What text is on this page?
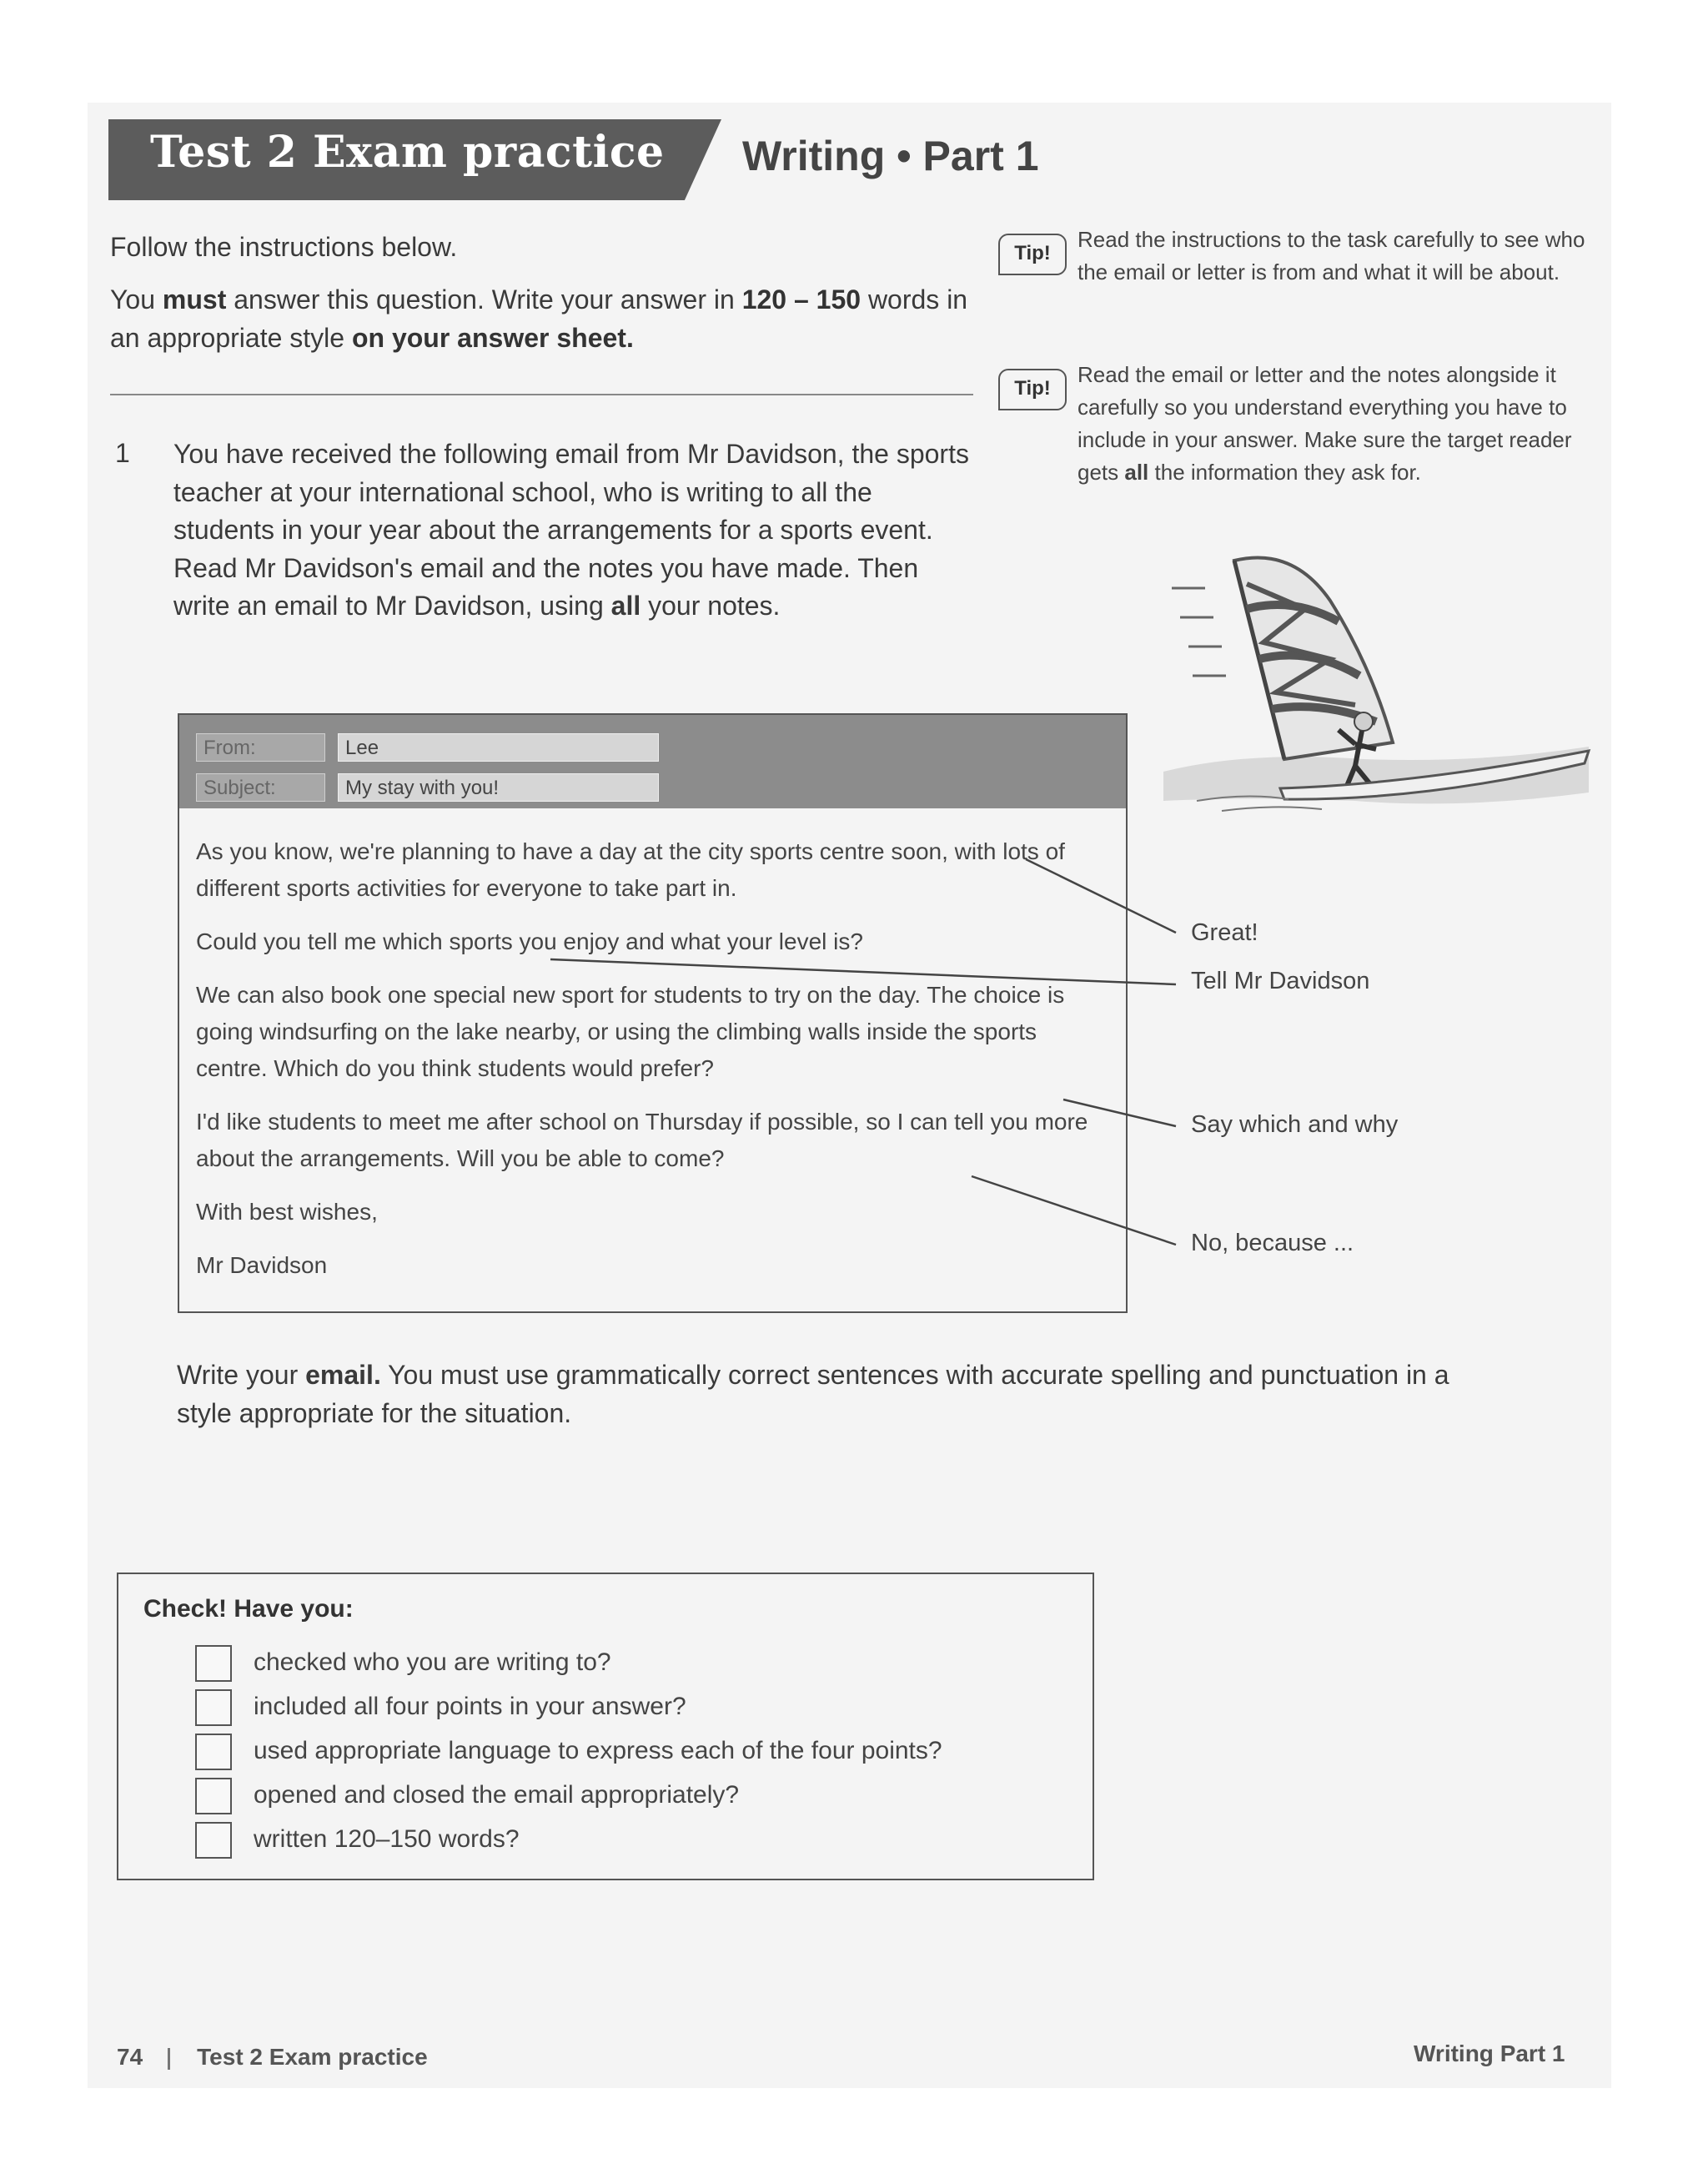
Test 2 Exam practice Writing • Part 1
Follow the instructions below.
You must answer this question. Write your answer in 120 – 150 words in an appropriate style on your answer sheet.
1 You have received the following email from Mr Davidson, the sports teacher at your international school, who is writing to all the students in your year about the arrangements for a sports event. Read Mr Davidson's email and the notes you have made. Then write an email to Mr Davidson, using all your notes.
Tip!
Read the instructions to the task carefully to see who the email or letter is from and what it will be about.
Tip!
Read the email or letter and the notes alongside it carefully so you understand everything you have to include in your answer. Make sure the target reader gets all the information they ask for.
From:	Lee
Subject:	My stay with you!

As you know, we're planning to have a day at the city sports centre soon, with lots of different sports activities for everyone to take part in.

Could you tell me which sports you enjoy and what your level is?

We can also book one special new sport for students to try on the day. The choice is going windsurfing on the lake nearby, or using the climbing walls inside the sports centre. Which do you think students would prefer?

I'd like students to meet me after school on Thursday if possible, so I can tell you more about the arrangements. Will you be able to come?

With best wishes,

Mr Davidson

Great!
Tell Mr Davidson
Say which and why
No, because ...
Write your email. You must use grammatically correct sentences with accurate spelling and punctuation in a style appropriate for the situation.
Check! Have you:
checked who you are writing to?
included all four points in your answer?
used appropriate language to express each of the four points?
opened and closed the email appropriately?
written 120–150 words?
74 Test 2 Exam practice	Writing Part 1
